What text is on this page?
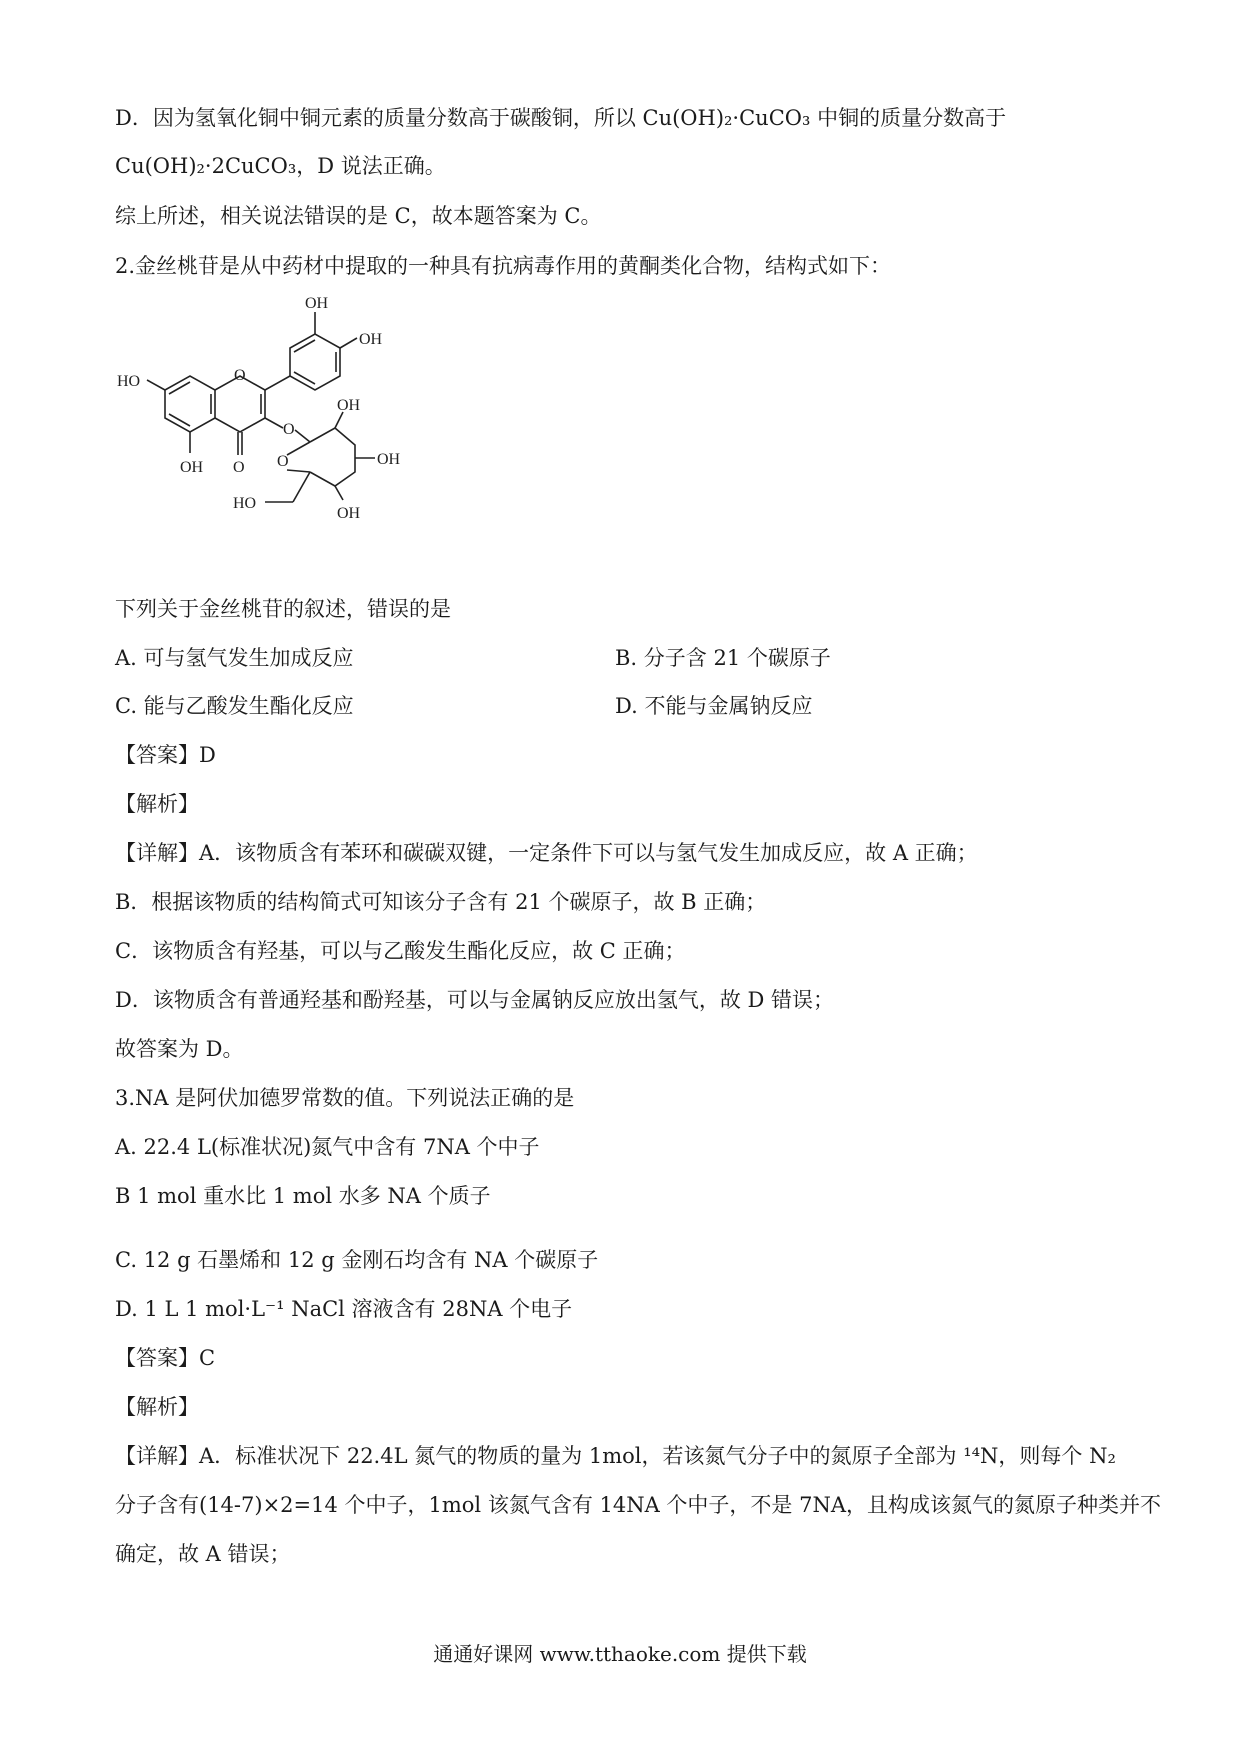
D．因为氢氧化铜中铜元素的质量分数高于碳酸铜，所以 Cu(OH)₂·CuCO₃ 中铜的质量分数高于
Cu(OH)₂·2CuCO₃，D 说法正确。
综上所述，相关说法错误的是 C，故本题答案为 C。
2.金丝桃苷是从中药材中提取的一种具有抗病毒作用的黄酮类化合物，结构式如下：
OH
OH
HO	O
O
OH
O
OH
O	OH
HO
OH
下列关于金丝桃苷的叙述，错误的是
A. 可与氢气发生加成反应	B. 分子含 21 个碳原子
C. 能与乙酸发生酯化反应	D. 不能与金属钠反应
【答案】D
【解析】
【详解】A．该物质含有苯环和碳碳双键，一定条件下可以与氢气发生加成反应，故 A 正确；
B．根据该物质的结构简式可知该分子含有 21 个碳原子，故 B 正确；
C．该物质含有羟基，可以与乙酸发生酯化反应，故 C 正确；
D．该物质含有普通羟基和酚羟基，可以与金属钠反应放出氢气，故 D 错误；
故答案为 D。
3.NA 是阿伏加德罗常数的值。下列说法正确的是
A. 22.4 L(标准状况)氮气中含有 7NA 个中子
B 1 mol 重水比 1 mol 水多 NA 个质子
C. 12 g 石墨烯和 12 g 金刚石均含有 NA 个碳原子
D. 1 L 1 mol·L⁻¹ NaCl 溶液含有 28NA 个电子
【答案】C
【解析】
【详解】A．标准状况下 22.4L 氮气的物质的量为 1mol，若该氮气分子中的氮原子全部为 ¹⁴N，则每个 N₂
分子含有(14-7)×2=14 个中子，1mol 该氮气含有 14NA 个中子，不是 7NA，且构成该氮气的氮原子种类并不
确定，故 A 错误；
通通好课网 www.tthaoke.com 提供下载
